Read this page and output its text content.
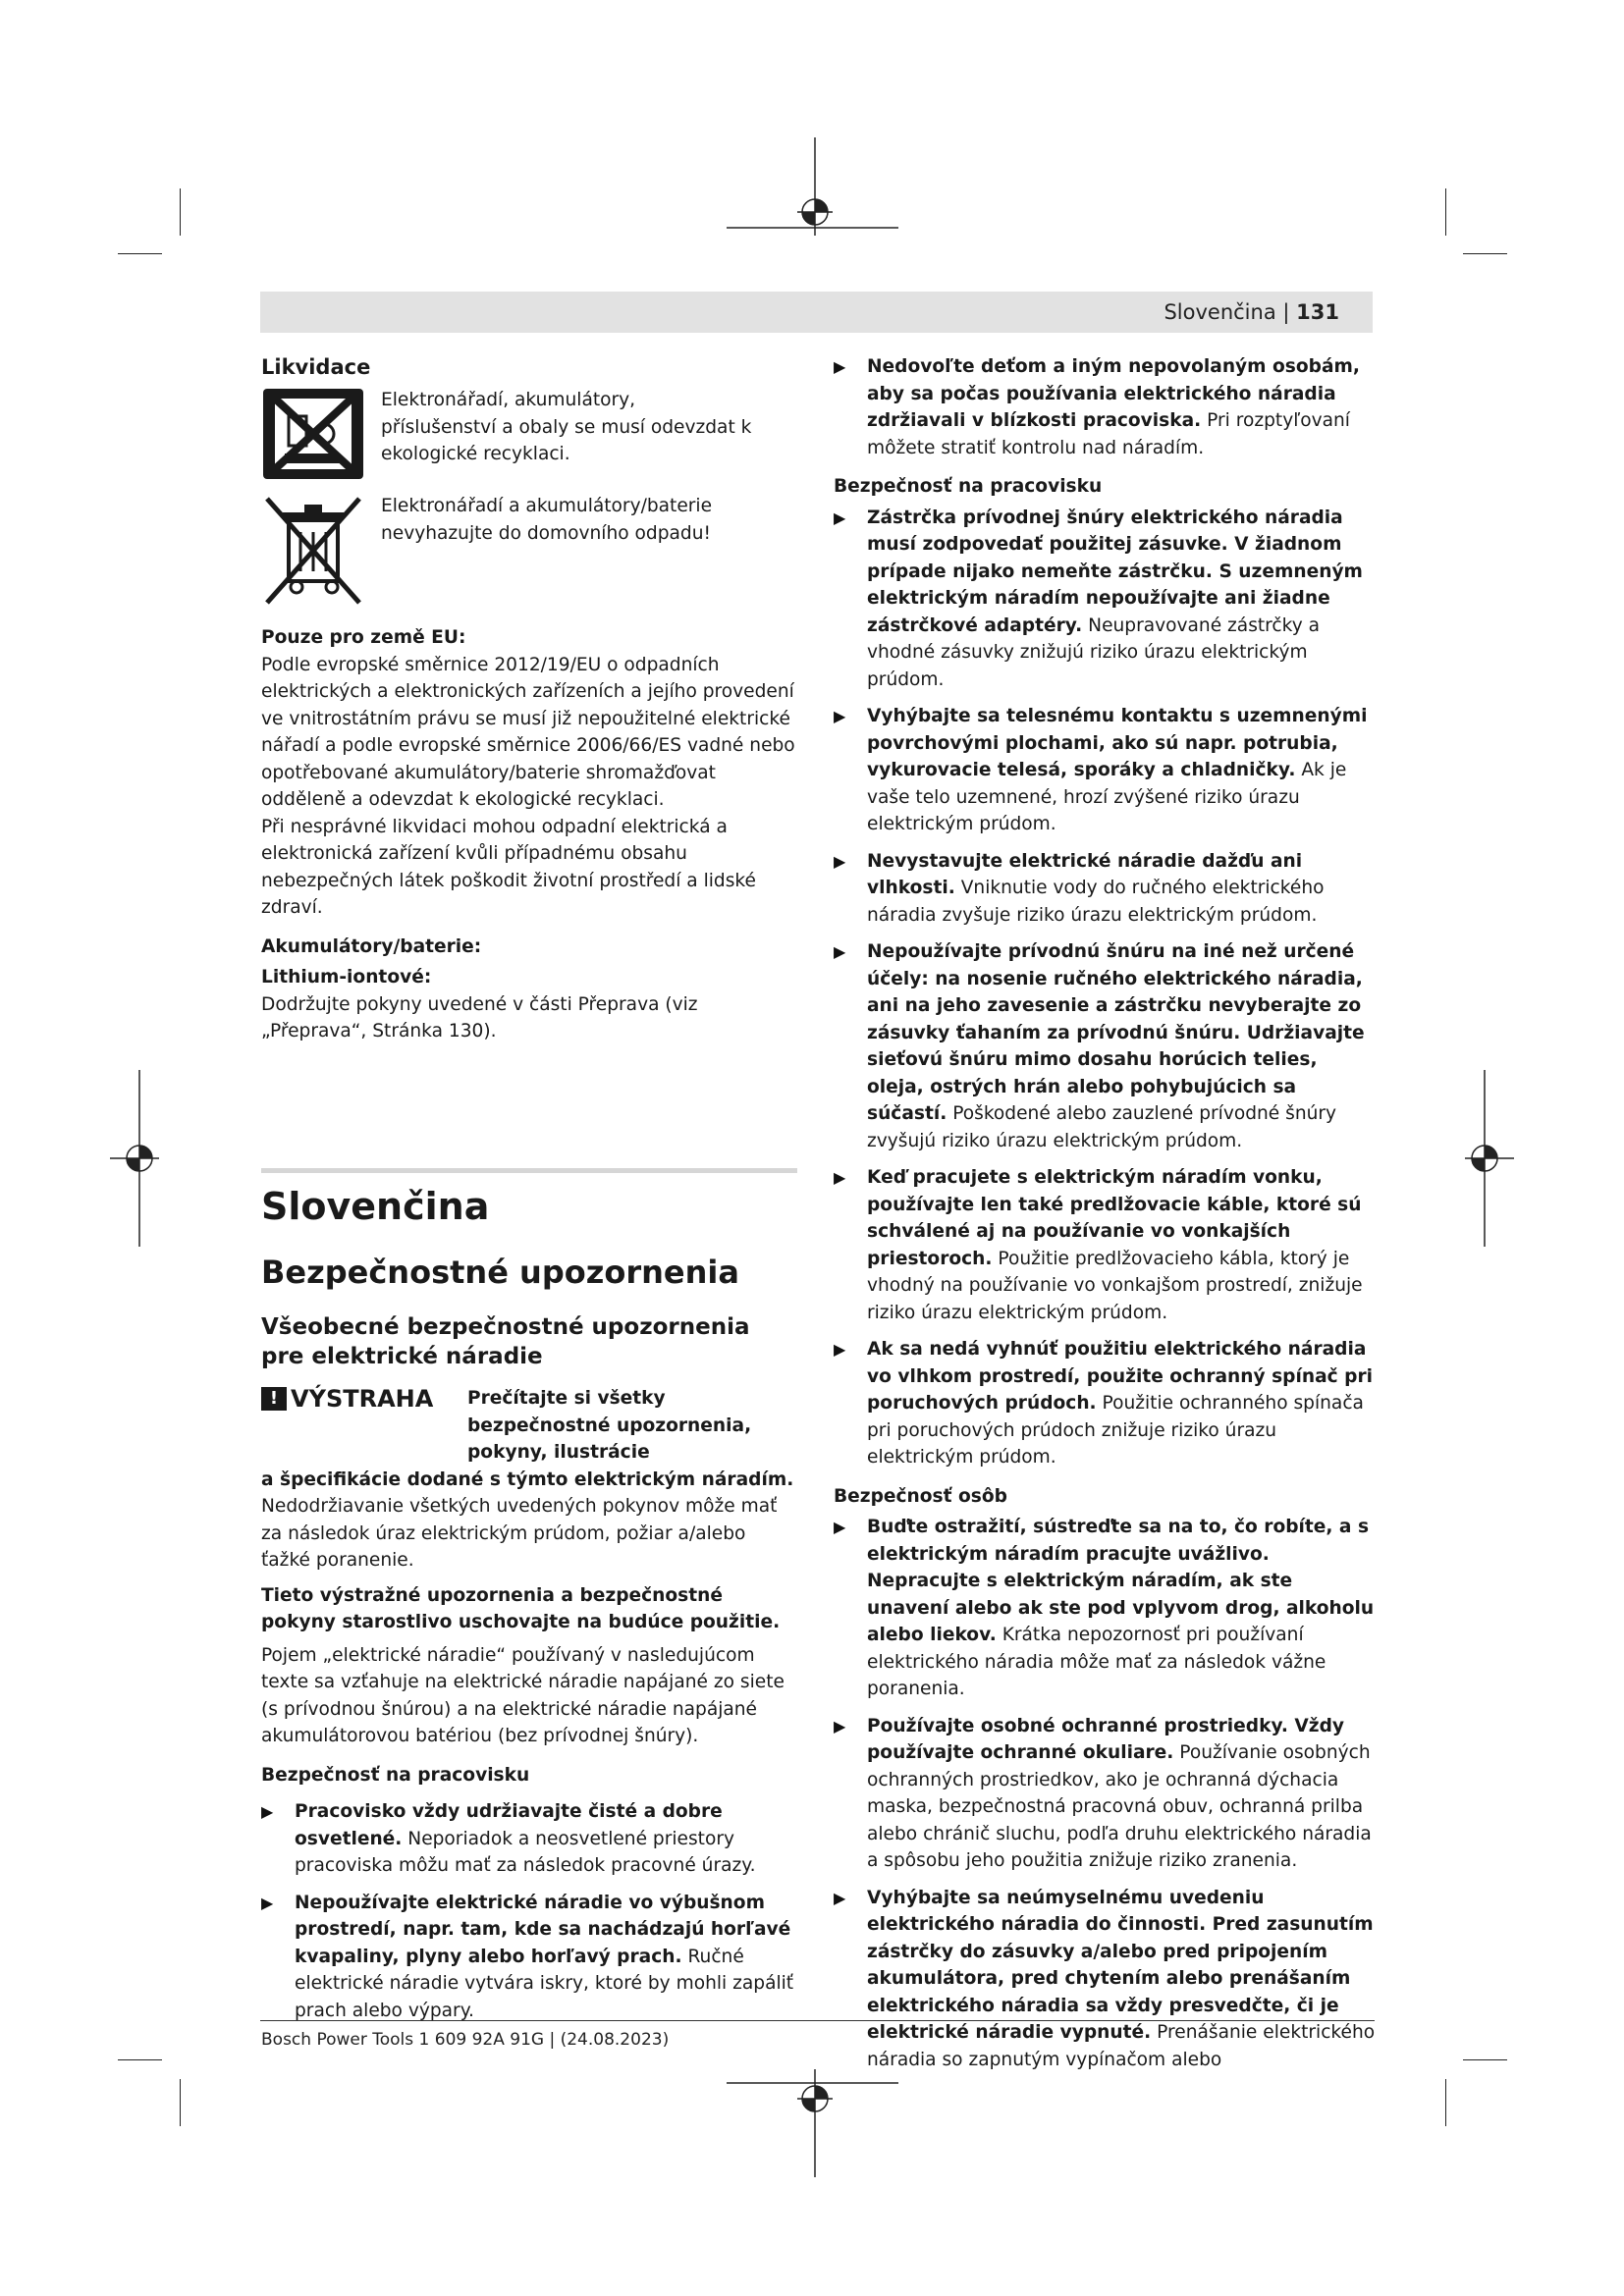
Slovenčina | 131
Likvidace

Elektronářadí, akumulátory, příslušenství a obaly se musí odevzdat k ekologické recyklaci.

Elektronářadí a akumulátory/baterie nevyhazujte do domovního odpadu!

Pouze pro země EU:

Podle evropské směrnice 2012/19/EU o odpadních elektrických a elektronických zařízeních a jejího provedení ve vnitrostátním právu se musí již nepoužitelné elektrické nářadí a podle evropské směrnice 2006/66/ES vadné nebo opotřebované akumulátory/baterie shromažďovat odděleně a odevzdat k ekologické recyklaci.

Při nesprávné likvidaci mohou odpadní elektrická a elektronická zařízení kvůli případnému obsahu nebezpečných látek poškodit životní prostředí a lidské zdraví.

Akumulátory/baterie:

Lithium-iontové:

Dodržujte pokyny uvedené v části Přeprava (viz „Přeprava“, Stránka 130).

Slovenčina
Bezpečnostné upozornenia
Všeobecné bezpečnostné upozornenia pre elektrické náradie
! VÝSTRAHA Prečítajte si všetky bezpečnostné upozornenia, pokyny, ilustrácie

a špecifikácie dodané s týmto elektrickým náradím.

Nedodržiavanie všetkých uvedených pokynov môže mať za následok úraz elektrickým prúdom, požiar a/alebo ťažké poranenie.

Tieto výstražné upozornenia a bezpečnostné pokyny starostlivo uschovajte na budúce použitie.

Pojem „elektrické náradie“ používaný v nasledujúcom texte sa vzťahuje na elektrické náradie napájané zo siete (s prívodnou šnúrou) a na elektrické náradie napájané akumulátorovou batériou (bez prívodnej šnúry).

Bezpečnosť na pracovisku

▶	Pracovisko vždy udržiavajte čisté a dobre osvetlené. Neporiadok a neosvetlené priestory pracoviska môžu mať za následok pracovné úrazy.
▶	Nepoužívajte elektrické náradie vo výbušnom prostredí, napr. tam, kde sa nachádzajú horľavé kvapaliny, plyny alebo horľavý prach. Ručné elektrické náradie vytvára iskry, ktoré by mohli zapáliť prach alebo výpary.
▶	Nedovoľte deťom a iným nepovolaným osobám, aby sa počas používania elektrického náradia zdržiavali v blízkosti pracoviska. Pri rozptyľovaní môžete stratiť kontrolu nad náradím.

Bezpečnosť na pracovisku

▶	Zástrčka prívodnej šnúry elektrického náradia musí zodpovedať použitej zásuvke. V žiadnom prípade nijako nemeňte zástrčku. S uzemneným elektrickým náradím nepoužívajte ani žiadne zástrčkové adaptéry. Neupravované zástrčky a vhodné zásuvky znižujú riziko úrazu elektrickým prúdom.
▶	Vyhýbajte sa telesnému kontaktu s uzemnenými povrchovými plochami, ako sú napr. potrubia, vykurovacie telesá, sporáky a chladničky. Ak je vaše telo uzemnené, hrozí zvýšené riziko úrazu elektrickým prúdom.
▶	Nevystavujte elektrické náradie dažďu ani vlhkosti. Vniknutie vody do ručného elektrického náradia zvyšuje riziko úrazu elektrickým prúdom.
▶	Nepoužívajte prívodnú šnúru na iné než určené účely: na nosenie ručného elektrického náradia, ani na jeho zavesenie a zástrčku nevyberajte zo zásuvky ťahaním za prívodnú šnúru. Udržiavajte sieťovú šnúru mimo dosahu horúcich telies, oleja, ostrých hrán alebo pohybujúcich sa súčastí. Poškodené alebo zauzlené prívodné šnúry zvyšujú riziko úrazu elektrickým prúdom.
▶	Keď pracujete s elektrickým náradím vonku, používajte len také predlžovacie káble, ktoré sú schválené aj na používanie vo vonkajších priestoroch. Použitie predlžovacieho kábla, ktorý je vhodný na používanie vo vonkajšom prostredí, znižuje riziko úrazu elektrickým prúdom.
▶	Ak sa nedá vyhnúť použitiu elektrického náradia vo vlhkom prostredí, použite ochranný spínač pri poruchových prúdoch. Použitie ochranného spínača pri poruchových prúdoch znižuje riziko úrazu elektrickým prúdom.

Bezpečnosť osôb

▶	Buďte ostražití, sústreďte sa na to, čo robíte, a s elektrickým náradím pracujte uvážlivo. Nepracujte s elektrickým náradím, ak ste unavení alebo ak ste pod vplyvom drog, alkoholu alebo liekov. Krátka nepozornosť pri používaní elektrického náradia môže mať za následok vážne poranenia.
▶	Používajte osobné ochranné prostriedky. Vždy používajte ochranné okuliare. Používanie osobných ochranných prostriedkov, ako je ochranná dýchacia maska, bezpečnostná pracovná obuv, ochranná prilba alebo chránič sluchu, podľa druhu elektrického náradia a spôsobu jeho použitia znižuje riziko zranenia.
▶	Vyhýbajte sa neúmyselnému uvedeniu elektrického náradia do činnosti. Pred zasunutím zástrčky do zásuvky a/alebo pred pripojením akumulátora, pred chytením alebo prenášaním elektrického náradia sa vždy presvedčte, či je elektrické náradie vypnuté. Prenášanie elektrického náradia so zapnutým vypínačom alebo
Bosch Power Tools 1 609 92A 91G | (24.08.2023)
